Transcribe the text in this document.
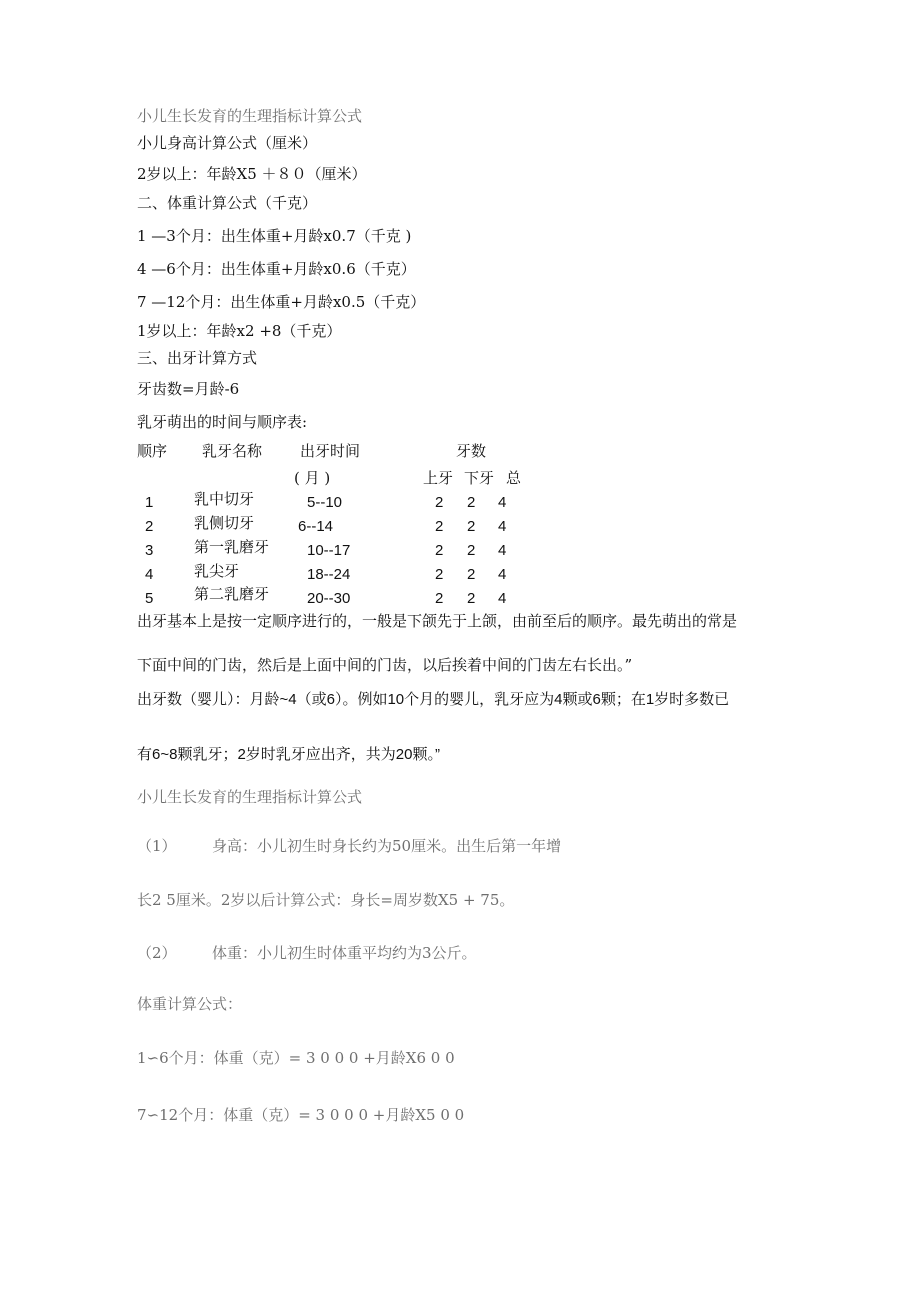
小儿生长发育的生理指标计算公式
小儿身高计算公式（厘米）
2岁以上：年龄X5 ＋８０（厘米）
二、体重计算公式（千克）
1 —3个月：出生体重+月龄x0.7（千克 )
4 —6个月：出生体重+月龄x0.6（千克）
7 —12个月：出生体重+月龄x0.5（千克）
1岁以上：年龄x2 +8（千克）
三、出牙计算方式
牙齿数=月龄-6
乳牙萌出的时间与顺序表:
顺序 乳牙名称	出牙时间	牙数
( 月 )	上牙 下牙 总
1	乳中切牙	5--10	2 2 4
2	乳侧切牙	6--14	2 2 4
3	第一乳磨牙	10--17	2 2 4
4	乳尖牙	18--24	2 2 4
5	第二乳磨牙	20--30	2 2 4
出牙基本上是按一定顺序进行的，一般是下颌先于上颌，由前至后的顺序。最先萌出的常是
下面中间的门齿，然后是上面中间的门齿，以后挨着中间的门齿左右长出。”
出牙数（婴儿）：月龄~4（或6）。例如10个月的婴儿，乳牙应为4颗或6颗；在1岁时多数已
有6~8颗乳牙；2岁时乳牙应出齐，共为20颗。”
小儿生长发育的生理指标计算公式
（1） 身高：小儿初生时身长约为50厘米。出生后第一年增
长2 5厘米。2岁以后计算公式：身长=周岁数X5 + 75。
（2） 体重：小儿初生时体重平均约为3公斤。
体重计算公式：
1∽6个月：体重（克）= 3 0 0 0 +月龄X6 0 0
7∽12个月：体重（克）= 3 0 0 0 +月龄X5 0 0
